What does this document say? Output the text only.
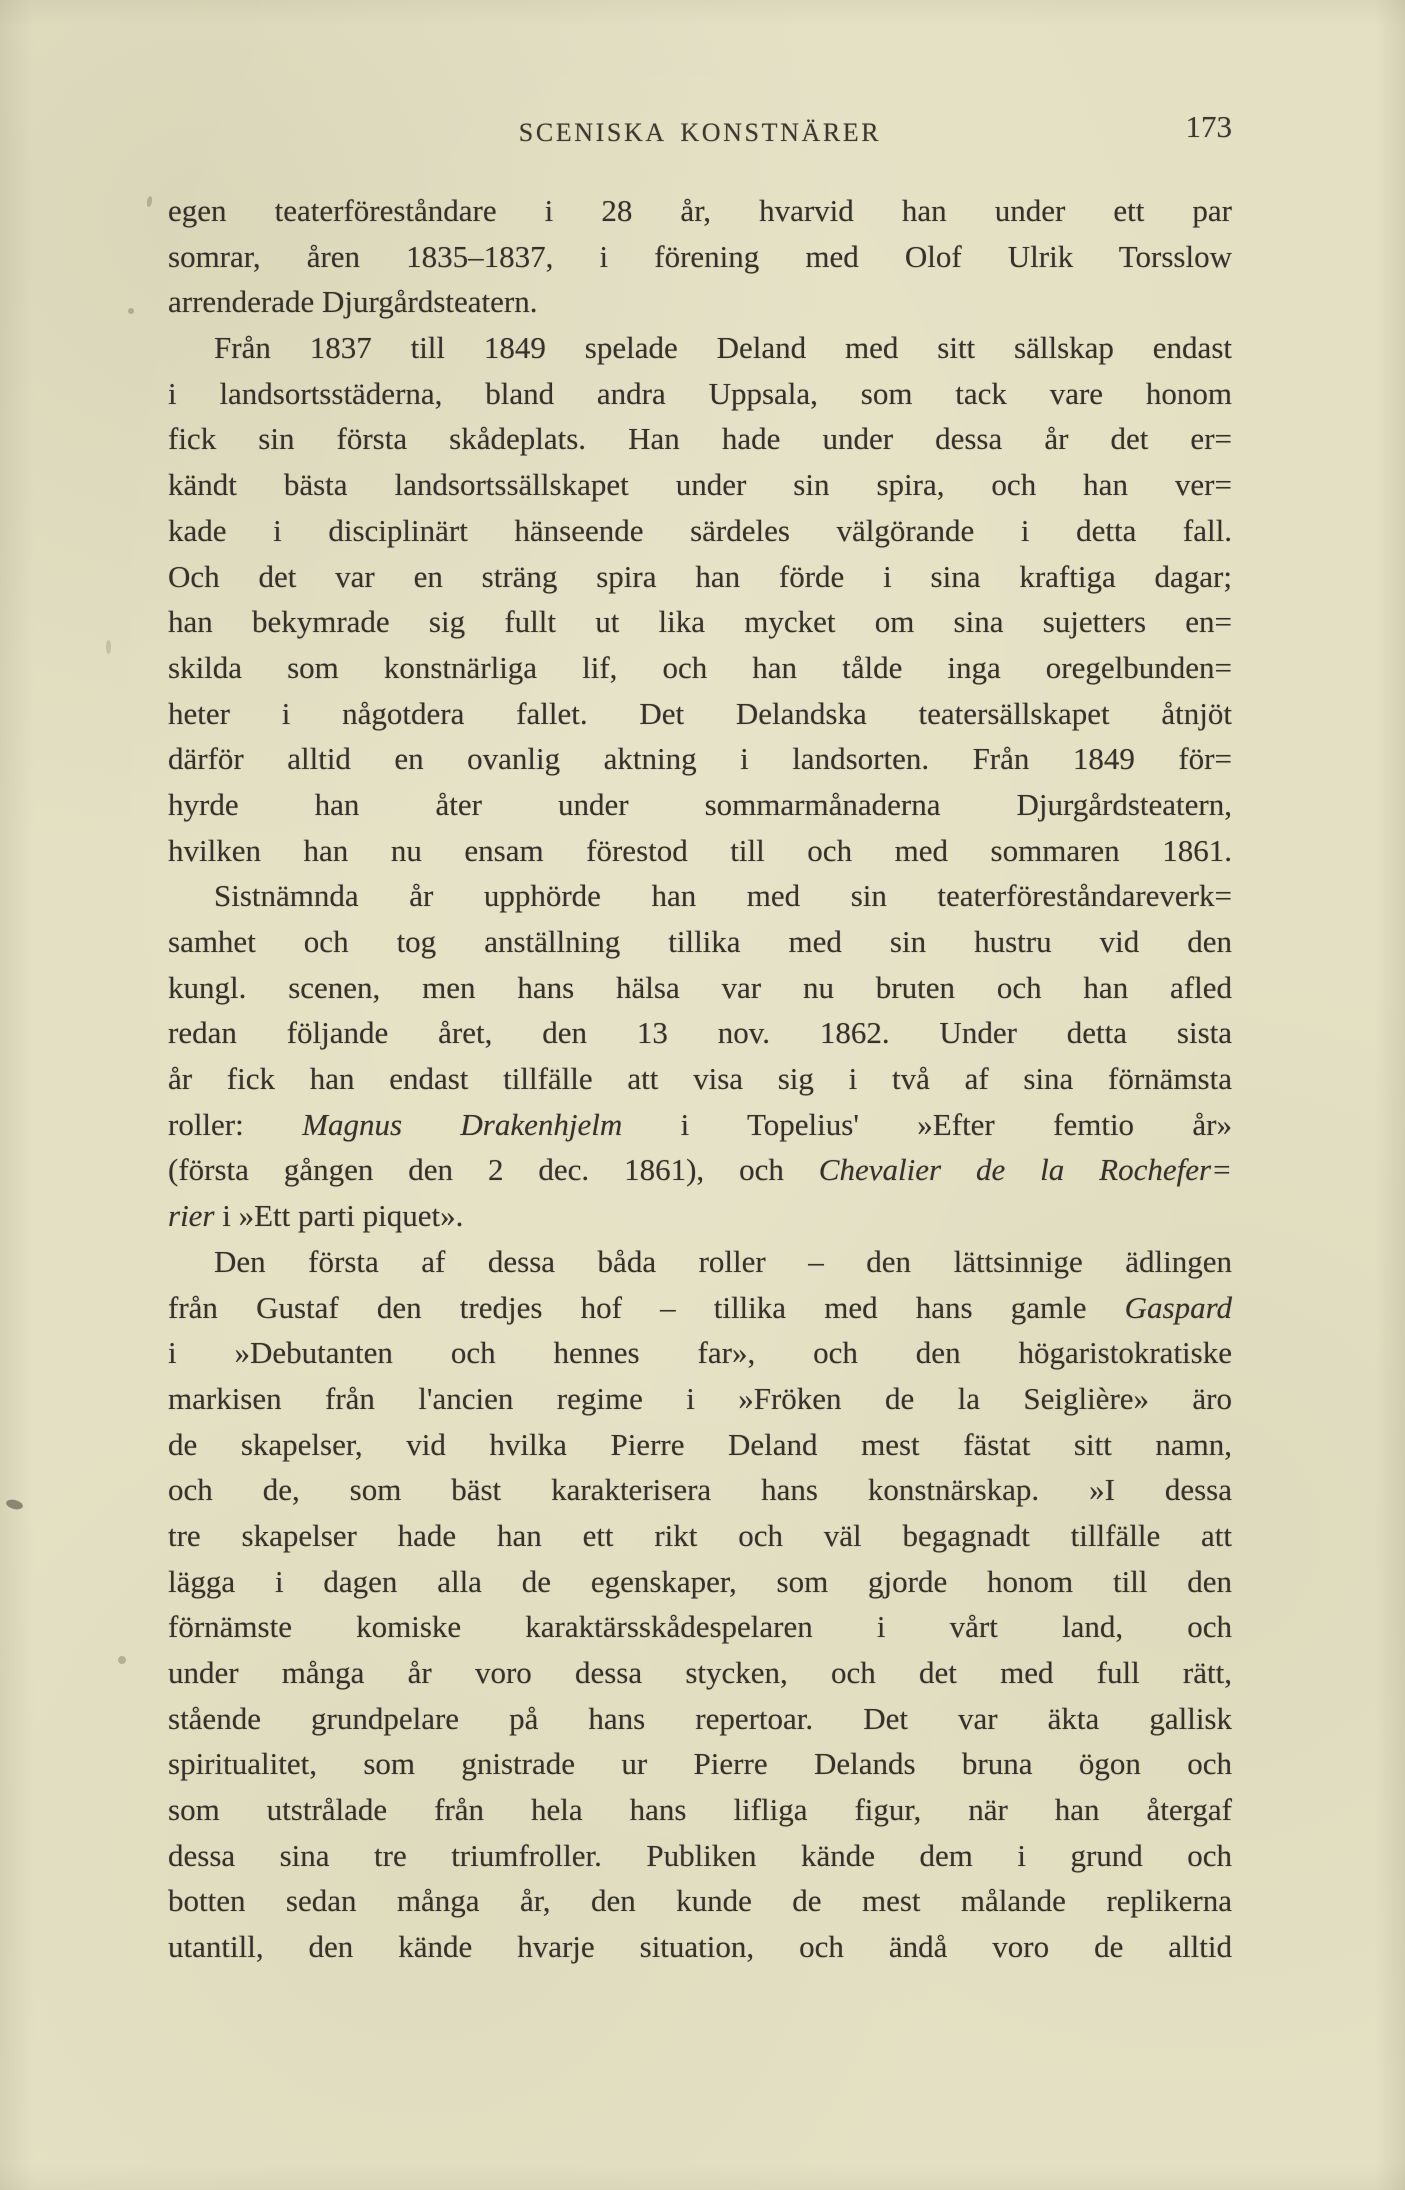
SCENISKA KONSTNÄRER	173
egen teaterföreståndare i 28 år, hvarvid han under ett par
somrar, åren 1835–1837, i förening med Olof Ulrik Torsslow
arrenderade Djurgårdsteatern.
Från 1837 till 1849 spelade Deland med sitt sällskap endast
i landsortsstäderna, bland andra Uppsala, som tack vare honom
fick sin första skådeplats. Han hade under dessa år det er=
kändt bästa landsortssällskapet under sin spira, och han ver=
kade i disciplinärt hänseende särdeles välgörande i detta fall.
Och det var en sträng spira han förde i sina kraftiga dagar;
han bekymrade sig fullt ut lika mycket om sina sujetters en=
skilda som konstnärliga lif, och han tålde inga oregelbunden=
heter i någotdera fallet. Det Delandska teatersällskapet åtnjöt
därför alltid en ovanlig aktning i landsorten. Från 1849 för=
hyrde han åter under sommarmånaderna Djurgårdsteatern,
hvilken han nu ensam förestod till och med sommaren 1861.
Sistnämnda år upphörde han med sin teaterföreståndareverk=
samhet och tog anställning tillika med sin hustru vid den
kungl. scenen, men hans hälsa var nu bruten och han afled
redan följande året, den 13 nov. 1862. Under detta sista
år fick han endast tillfälle att visa sig i två af sina förnämsta
roller: Magnus Drakenhjelm i Topelius' »Efter femtio år»
(första gången den 2 dec. 1861), och Chevalier de la Rochefer=
rier i »Ett parti piquet».
Den första af dessa båda roller – den lättsinnige ädlingen
från Gustaf den tredjes hof – tillika med hans gamle Gaspard
i »Debutanten och hennes far», och den högaristokratiske
markisen från l'ancien regime i »Fröken de la Seiglière» äro
de skapelser, vid hvilka Pierre Deland mest fästat sitt namn,
och de, som bäst karakterisera hans konstnärskap. »I dessa
tre skapelser hade han ett rikt och väl begagnadt tillfälle att
lägga i dagen alla de egenskaper, som gjorde honom till den
förnämste komiske karaktärsskådespelaren i vårt land, och
under många år voro dessa stycken, och det med full rätt,
stående grundpelare på hans repertoar. Det var äkta gallisk
spiritualitet, som gnistrade ur Pierre Delands bruna ögon och
som utstrålade från hela hans lifliga figur, när han återgaf
dessa sina tre triumfroller. Publiken kände dem i grund och
botten sedan många år, den kunde de mest målande replikerna
utantill, den kände hvarje situation, och ändå voro de alltid
